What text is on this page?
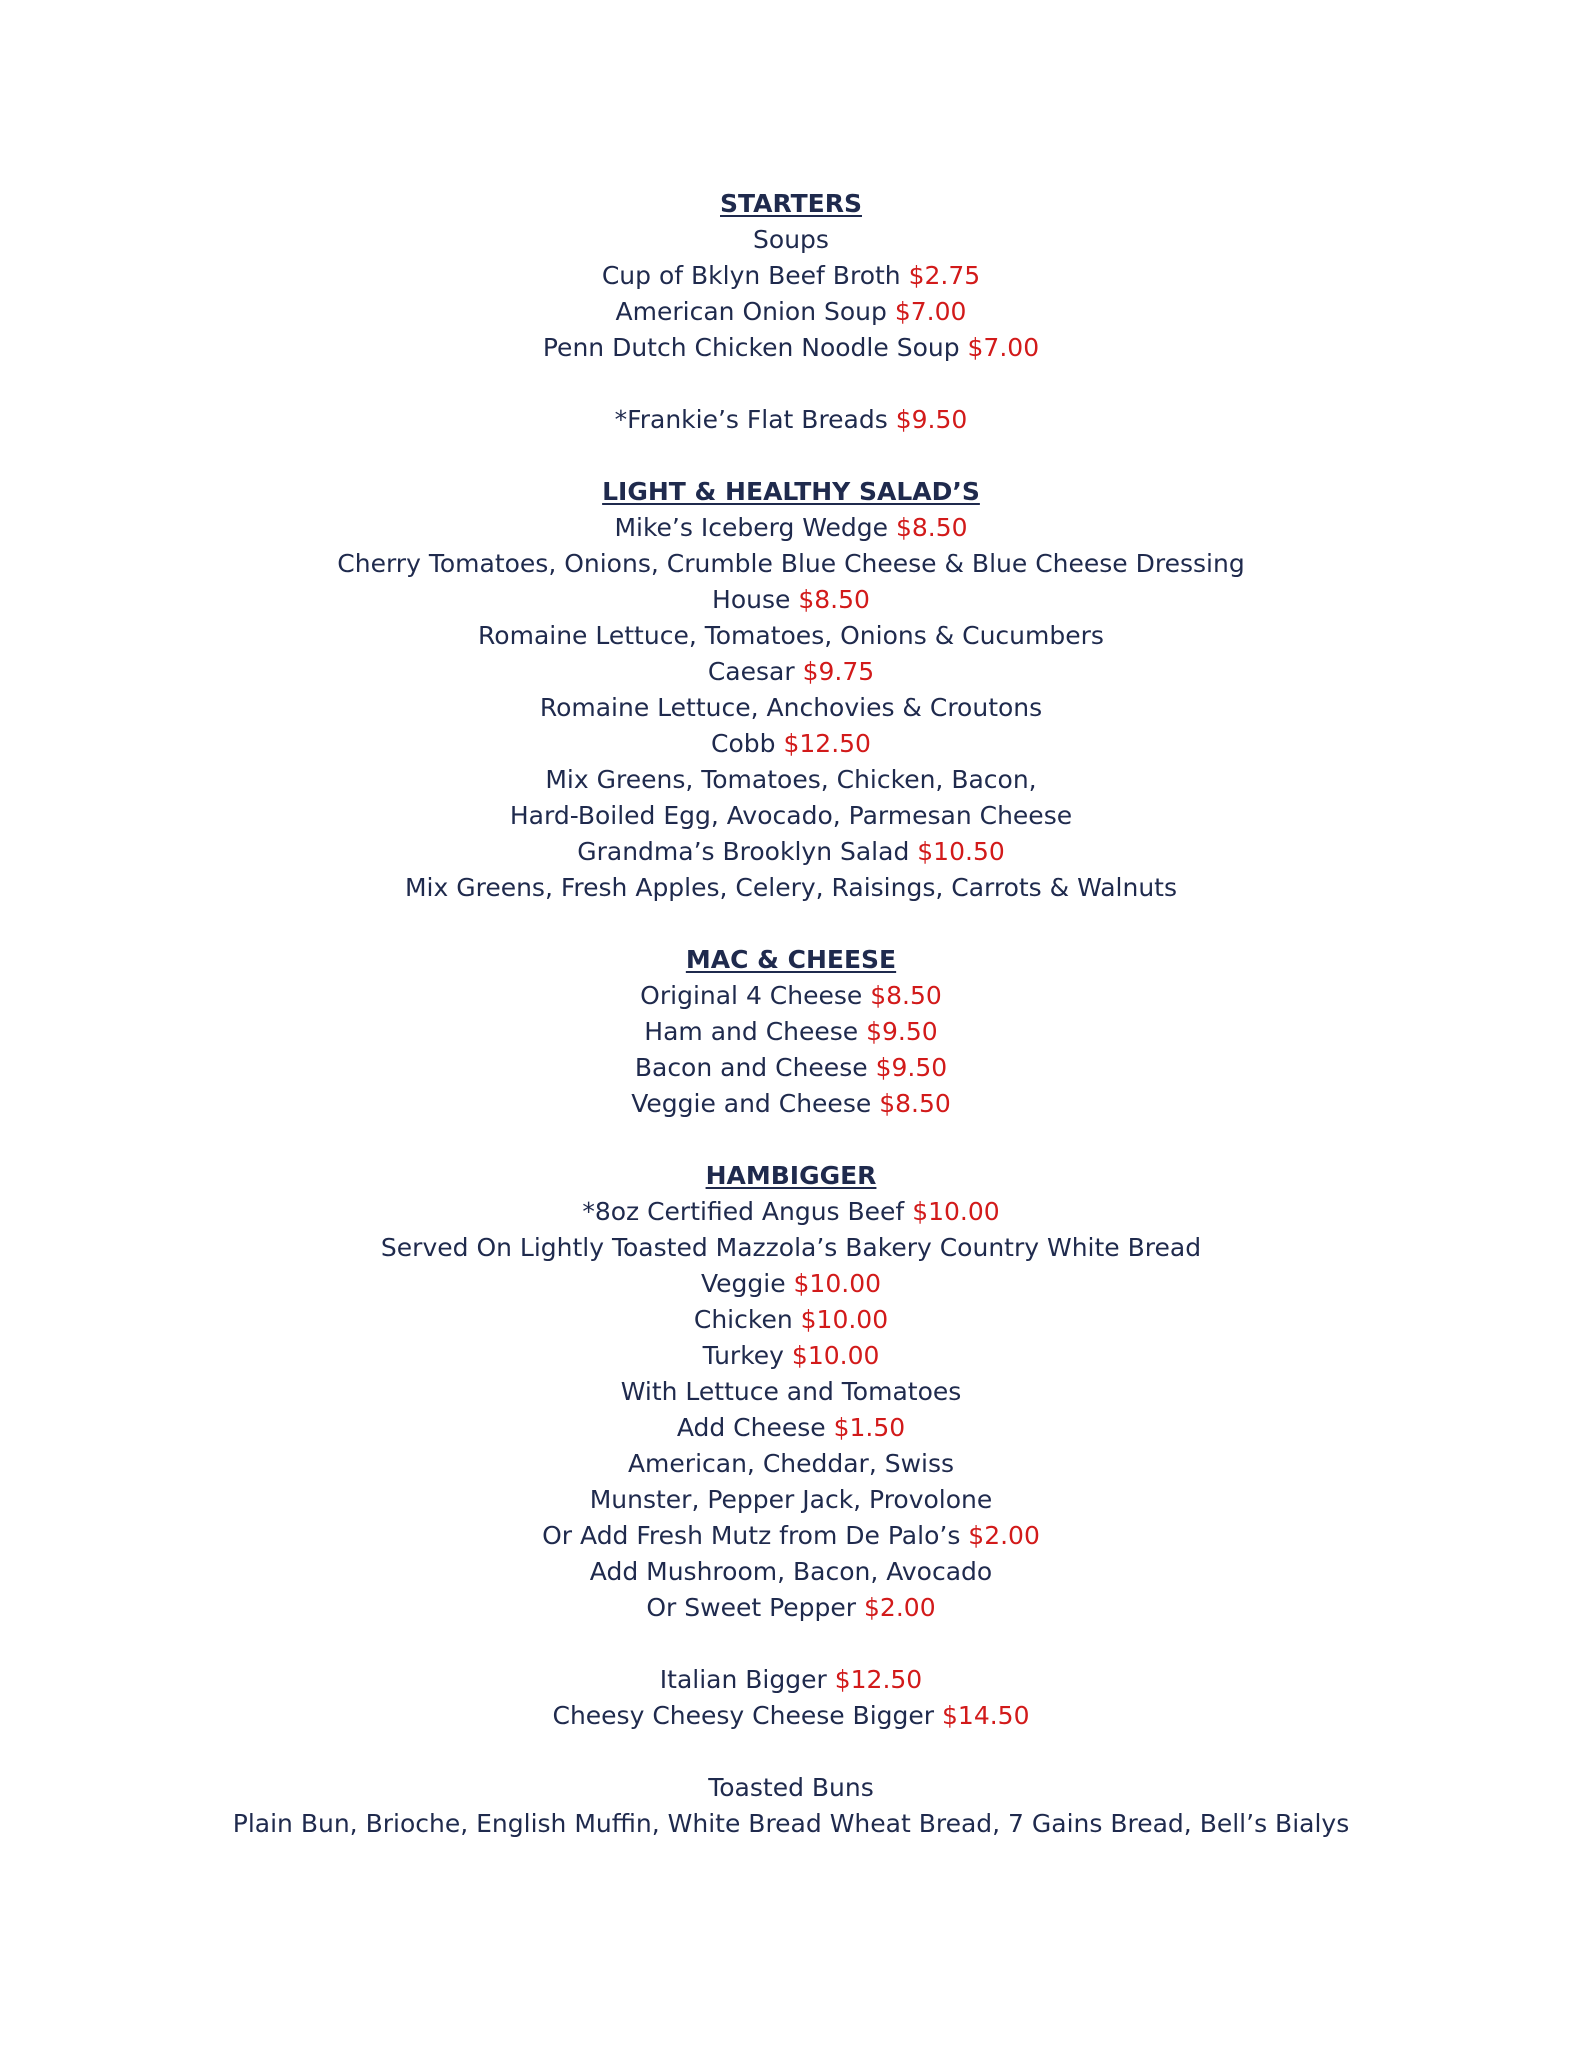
STARTERS
Soups
Cup of Bklyn Beef Broth $2.75
American Onion Soup $7.00
Penn Dutch Chicken Noodle Soup $7.00
*Frankie’s Flat Breads $9.50
LIGHT & HEALTHY SALAD’S
Mike’s Iceberg Wedge $8.50
Cherry Tomatoes, Onions, Crumble Blue Cheese & Blue Cheese Dressing
House $8.50
Romaine Lettuce, Tomatoes, Onions & Cucumbers
Caesar $9.75
Romaine Lettuce, Anchovies & Croutons
Cobb $12.50
Mix Greens, Tomatoes, Chicken, Bacon,
Hard-Boiled Egg, Avocado, Parmesan Cheese
Grandma’s Brooklyn Salad $10.50
Mix Greens, Fresh Apples, Celery, Raisings, Carrots & Walnuts
MAC & CHEESE
Original 4 Cheese $8.50
Ham and Cheese $9.50
Bacon and Cheese $9.50
Veggie and Cheese $8.50
HAMBIGGER
*8oz Certified Angus Beef $10.00
Served On Lightly Toasted Mazzola’s Bakery Country White Bread
Veggie $10.00
Chicken $10.00
Turkey $10.00
With Lettuce and Tomatoes
Add Cheese $1.50
American, Cheddar, Swiss
Munster, Pepper Jack, Provolone
Or Add Fresh Mutz from De Palo’s $2.00
Add Mushroom, Bacon, Avocado
Or Sweet Pepper $2.00
Italian Bigger $12.50
Cheesy Cheesy Cheese Bigger $14.50
Toasted Buns
Plain Bun, Brioche, English Muffin, White Bread Wheat Bread, 7 Gains Bread, Bell’s Bialys
